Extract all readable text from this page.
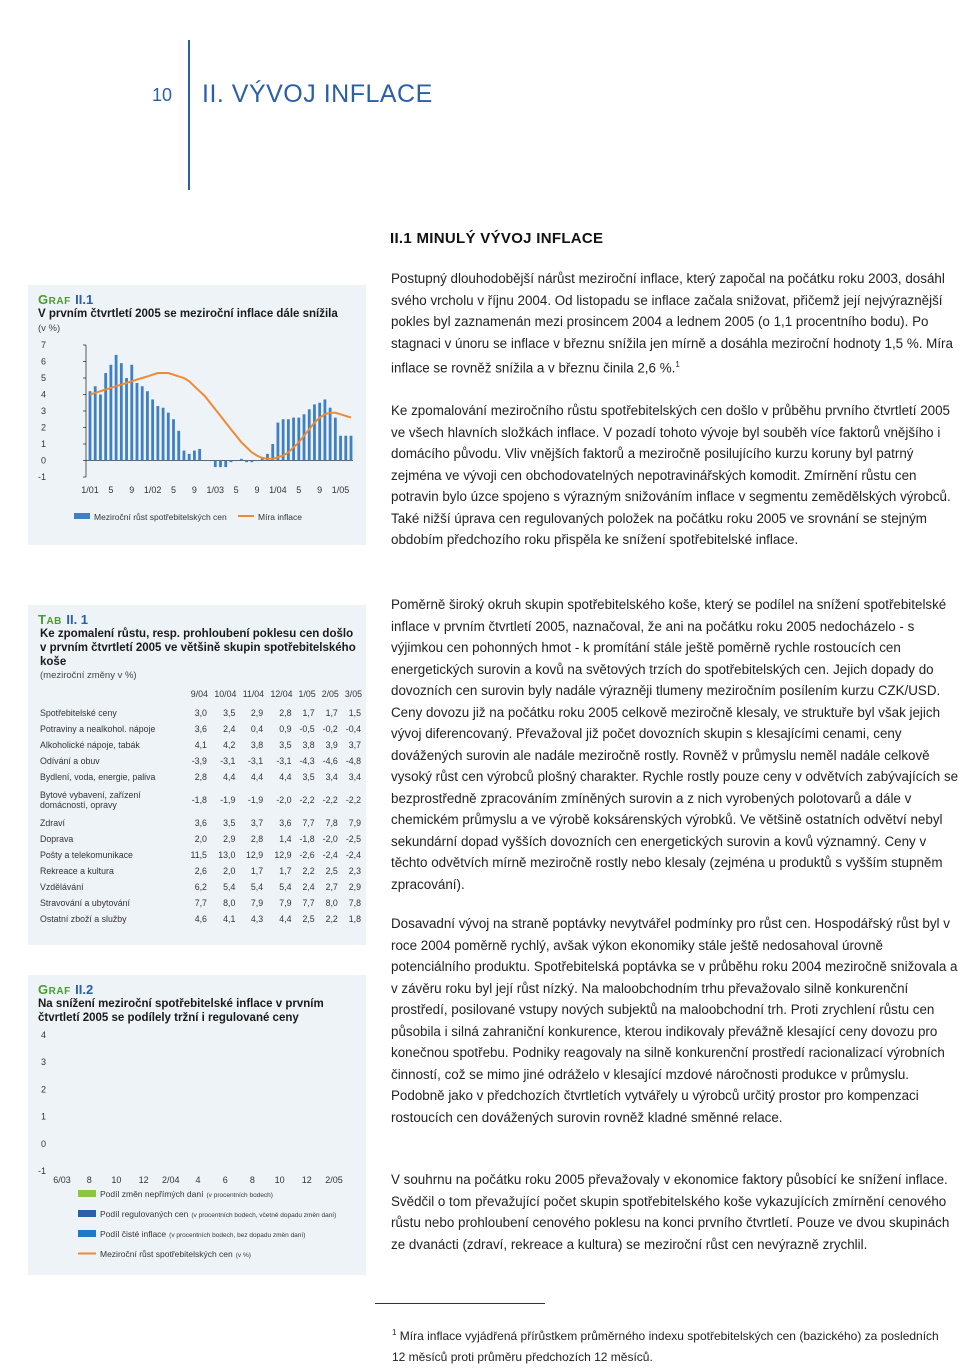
10 II. VÝVOJ INFLACE
II.1 MINULÝ VÝVOJ INFLACE

Postupný dlouhodobější nárůst meziroční inflace, který započal na počátku roku 2003, dosáhl svého vrcholu v říjnu 2004. Od listopadu se inflace začala snižovat, přičemž její nejvýraznější pokles byl zaznamenán mezi prosincem 2004 a lednem 2005 (o 1,1 procentního bodu). Po stagnaci v únoru se inflace v březnu snížila jen mírně a dosáhla meziroční hodnoty 1,5 %. Míra inflace se rovněž snížila a v březnu činila 2,6 %.$^1$

Ke zpomalování meziročního růstu spotřebitelských cen došlo v průběhu prvního čtvrtletí 2005 ve všech hlavních složkách inflace. V pozadí tohoto vývoje byl souběh více faktorů vnějšího i domácího původu. Vliv vnějších faktorů a meziročně posilujícího kurzu koruny byl patrný zejména ve vývoji cen obchodovatelných nepotravinářských komodit. Zmírnění růstu cen potravin bylo úzce spojeno s výrazným snižováním inflace v segmentu zemědělských výrobců. Také nižší úprava cen regulovaných položek na počátku roku 2005 ve srovnání se stejným obdobím předchozího roku přispěla ke snížení spotřebitelské inflace.

Poměrně široký okruh skupin spotřebitelského koše, který se podílel na snížení spotřebitelské inflace v prvním čtvrtletí 2005, naznačoval, že ani na počátku roku 2005 nedocházelo - s výjimkou cen pohonných hmot - k promítání stále ještě poměrně rychle rostoucích cen energetických surovin a kovů na světových trzích do spotřebitelských cen. Jejich dopady do dovozních cen surovin byly nadále výrazněji tlumeny meziročním posílením kurzu CZK/USD. Ceny dovozu již na počátku roku 2005 celkově meziročně klesaly, ve struktuře byl však jejich vývoj diferencovaný. Převažoval již počet dovozních skupin s klesajícími cenami, ceny dovážených surovin ale nadále meziročně rostly. Rovněž v průmyslu neměl nadále celkově vysoký růst cen výrobců plošný charakter. Rychle rostly pouze ceny v odvětvích zabývajících se bezprostředně zpracováním zmíněných surovin a z nich vyrobených polotovarů a dále v chemickém průmyslu a ve výrobě koksárenských výrobků. Ve většině ostatních odvětví nebyl sekundární dopad vyšších dovozních cen energetických surovin a kovů významný. Ceny v těchto odvětvích mírně meziročně rostly nebo klesaly (zejména u produktů s vyšším stupněm zpracování).

Dosavadní vývoj na straně poptávky nevytvářel podmínky pro růst cen. Hospodářský růst byl v roce 2004 poměrně rychlý, avšak výkon ekonomiky stále ještě nedosahoval úrovně potenciálního produktu. Spotřebitelská poptávka se v průběhu roku 2004 meziročně snižovala a v závěru roku byl její růst nízký. Na maloobchodním trhu převažovalo silně konkurenční prostředí, posilované vstupy nových subjektů na maloobchodní trh. Proti zrychlení růstu cen působila i silná zahraniční konkurence, kterou indikovaly převážně klesající ceny dovozu pro konečnou spotřebu. Podniky reagovaly na silně konkurenční prostředí racionalizací výrobních činností, což se mimo jiné odráželo v klesající mzdové náročnosti produkce v průmyslu. Podobně jako v předchozích čtvrtletích vytvářely u výrobců určitý prostor pro kompenzaci rostoucích cen dovážených surovin rovněž kladné směnné relace.

V souhrnu na počátku roku 2005 převažovaly v ekonomice faktory působící ke snížení inflace. Svědčil o tom převažující počet skupin spotřebitelského koše vykazujících zmírnění cenového růstu nebo prohloubení cenového poklesu na konci prvního čtvrtletí. Pouze ve dvou skupinách ze dvanácti (zdraví, rekreace a kultura) se meziroční růst cen nevýrazně zrychlil.

GRAF II.1
V prvním čtvrtletí 2005 se meziroční inflace dále snížila
(v %)
7
6
5
4
3
2
1
0
-1
1/01 5 9 1/02 5 9 1/03 5 9 1/04 5 9 1/05
Meziroční růst spotřebitelských cen	Míra inflace
TAB II. 1
Ke zpomalení růstu, resp. prohloubení poklesu cen došlo v prvním čtvrtletí 2005 ve většině skupin spotřebitelského koše
(meziroční změny v %)
	9/04	10/04	11/04	12/04	1/05	2/05	3/05
Spotřebitelské ceny	3,0	3,5	2,9	2,8	1,7	1,7	1,5
Potraviny a nealkohol. nápoje	3,6	2,4	0,4	0,9	-0,5	-0,2	-0,4
Alkoholické nápoje, tabák	4,1	4,2	3,8	3,5	3,8	3,9	3,7
Odívání a obuv	-3,9	-3,1	-3,1	-3,1	-4,3	-4,6	-4,8
Bydlení, voda, energie, paliva	2,8	4,4	4,4	4,4	3,5	3,4	3,4
Bytové vybavení, zařízení domácností, opravy	-1,8	-1,9	-1,9	-2,0	-2,2	-2,2	-2,2
Zdraví	3,6	3,5	3,7	3,6	7,7	7,8	7,9
Doprava	2,0	2,9	2,8	1,4	-1,8	-2,0	-2,5
Pošty a telekomunikace	11,5	13,0	12,9	12,9	-2,6	-2,4	-2,4
Rekreace a kultura	2,6	2,0	1,7	1,7	2,2	2,5	2,3
Vzdělávání	6,2	5,4	5,4	5,4	2,4	2,7	2,9
Stravování a ubytování	7,7	8,0	7,9	7,9	7,7	8,0	7,8
Ostatní zboží a služby	4,6	4,1	4,3	4,4	2,5	2,2	1,8
GRAF II.2
Na snížení meziroční spotřebitelské inflace v prvním čtvrtletí 2005 se podílely tržní i regulované ceny
4
3
2
1
0
-1
6/03 8 10 12 2/04 4 6 8 10 12 2/05
Podíl změn nepřímých daní (v procentních bodech)
Podíl regulovaných cen (v procentních bodech, včetně dopadu změn daní)
Podíl čisté inflace (v procentních bodech, bez dopadu změn daní)
Meziroční růst spotřebitelských cen (v %)

$^1$ Míra inflace vyjádřená přírůstkem průměrného indexu spotřebitelských cen (bazického) za posledních 12 měsíců proti průměru předchozích 12 měsíců.
